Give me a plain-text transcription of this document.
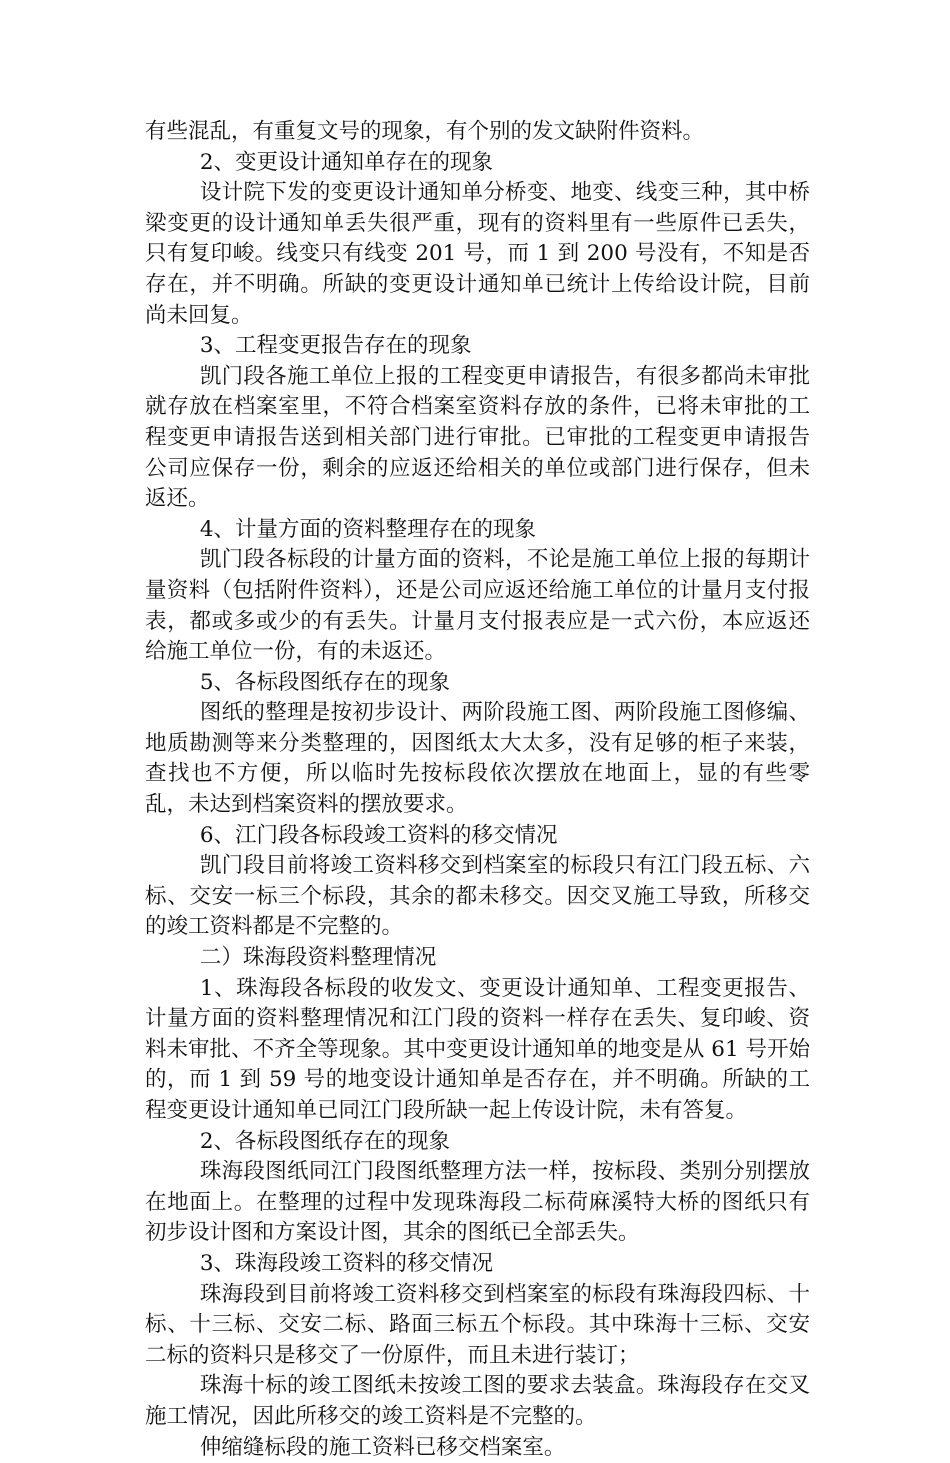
有些混乱，有重复文号的现象，有个别的发文缺附件资料。

2、变更设计通知单存在的现象

设计院下发的变更设计通知单分桥变、地变、线变三种，其中桥梁变更的设计通知单丢失很严重，现有的资料里有一些原件已丢失，只有复印峻。线变只有线变 201 号，而 1 到 200 号没有，不知是否存在，并不明确。所缺的变更设计通知单已统计上传给设计院，目前尚未回复。

3、工程变更报告存在的现象

凯门段各施工单位上报的工程变更申请报告，有很多都尚未审批就存放在档案室里，不符合档案室资料存放的条件，已将未审批的工程变更申请报告送到相关部门进行审批。已审批的工程变更申请报告公司应保存一份，剩余的应返还给相关的单位或部门进行保存，但未返还。

4、计量方面的资料整理存在的现象

凯门段各标段的计量方面的资料，不论是施工单位上报的每期计量资料（包括附件资料），还是公司应返还给施工单位的计量月支付报表，都或多或少的有丢失。计量月支付报表应是一式六份，本应返还给施工单位一份，有的未返还。

5、各标段图纸存在的现象

图纸的整理是按初步设计、两阶段施工图、两阶段施工图修编、地质勘测等来分类整理的，因图纸太大太多，没有足够的柜子来装，查找也不方便，所以临时先按标段依次摆放在地面上，显的有些零乱，未达到档案资料的摆放要求。

6、江门段各标段竣工资料的移交情况

凯门段目前将竣工资料移交到档案室的标段只有江门段五标、六标、交安一标三个标段，其余的都未移交。因交叉施工导致，所移交的竣工资料都是不完整的。

二）珠海段资料整理情况

1、珠海段各标段的收发文、变更设计通知单、工程变更报告、计量方面的资料整理情况和江门段的资料一样存在丢失、复印峻、资料未审批、不齐全等现象。其中变更设计通知单的地变是从 61 号开始的，而 1 到 59 号的地变设计通知单是否存在，并不明确。所缺的工程变更设计通知单已同江门段所缺一起上传设计院，未有答复。

2、各标段图纸存在的现象

珠海段图纸同江门段图纸整理方法一样，按标段、类别分别摆放在地面上。在整理的过程中发现珠海段二标荷麻溪特大桥的图纸只有初步设计图和方案设计图，其余的图纸已全部丢失。

3、珠海段竣工资料的移交情况

珠海段到目前将竣工资料移交到档案室的标段有珠海段四标、十标、十三标、交安二标、路面三标五个标段。其中珠海十三标、交安二标的资料只是移交了一份原件，而且未进行装订；

珠海十标的竣工图纸未按竣工图的要求去装盒。珠海段存在交叉施工情况，因此所移交的竣工资料是不完整的。

伸缩缝标段的施工资料已移交档案室。
